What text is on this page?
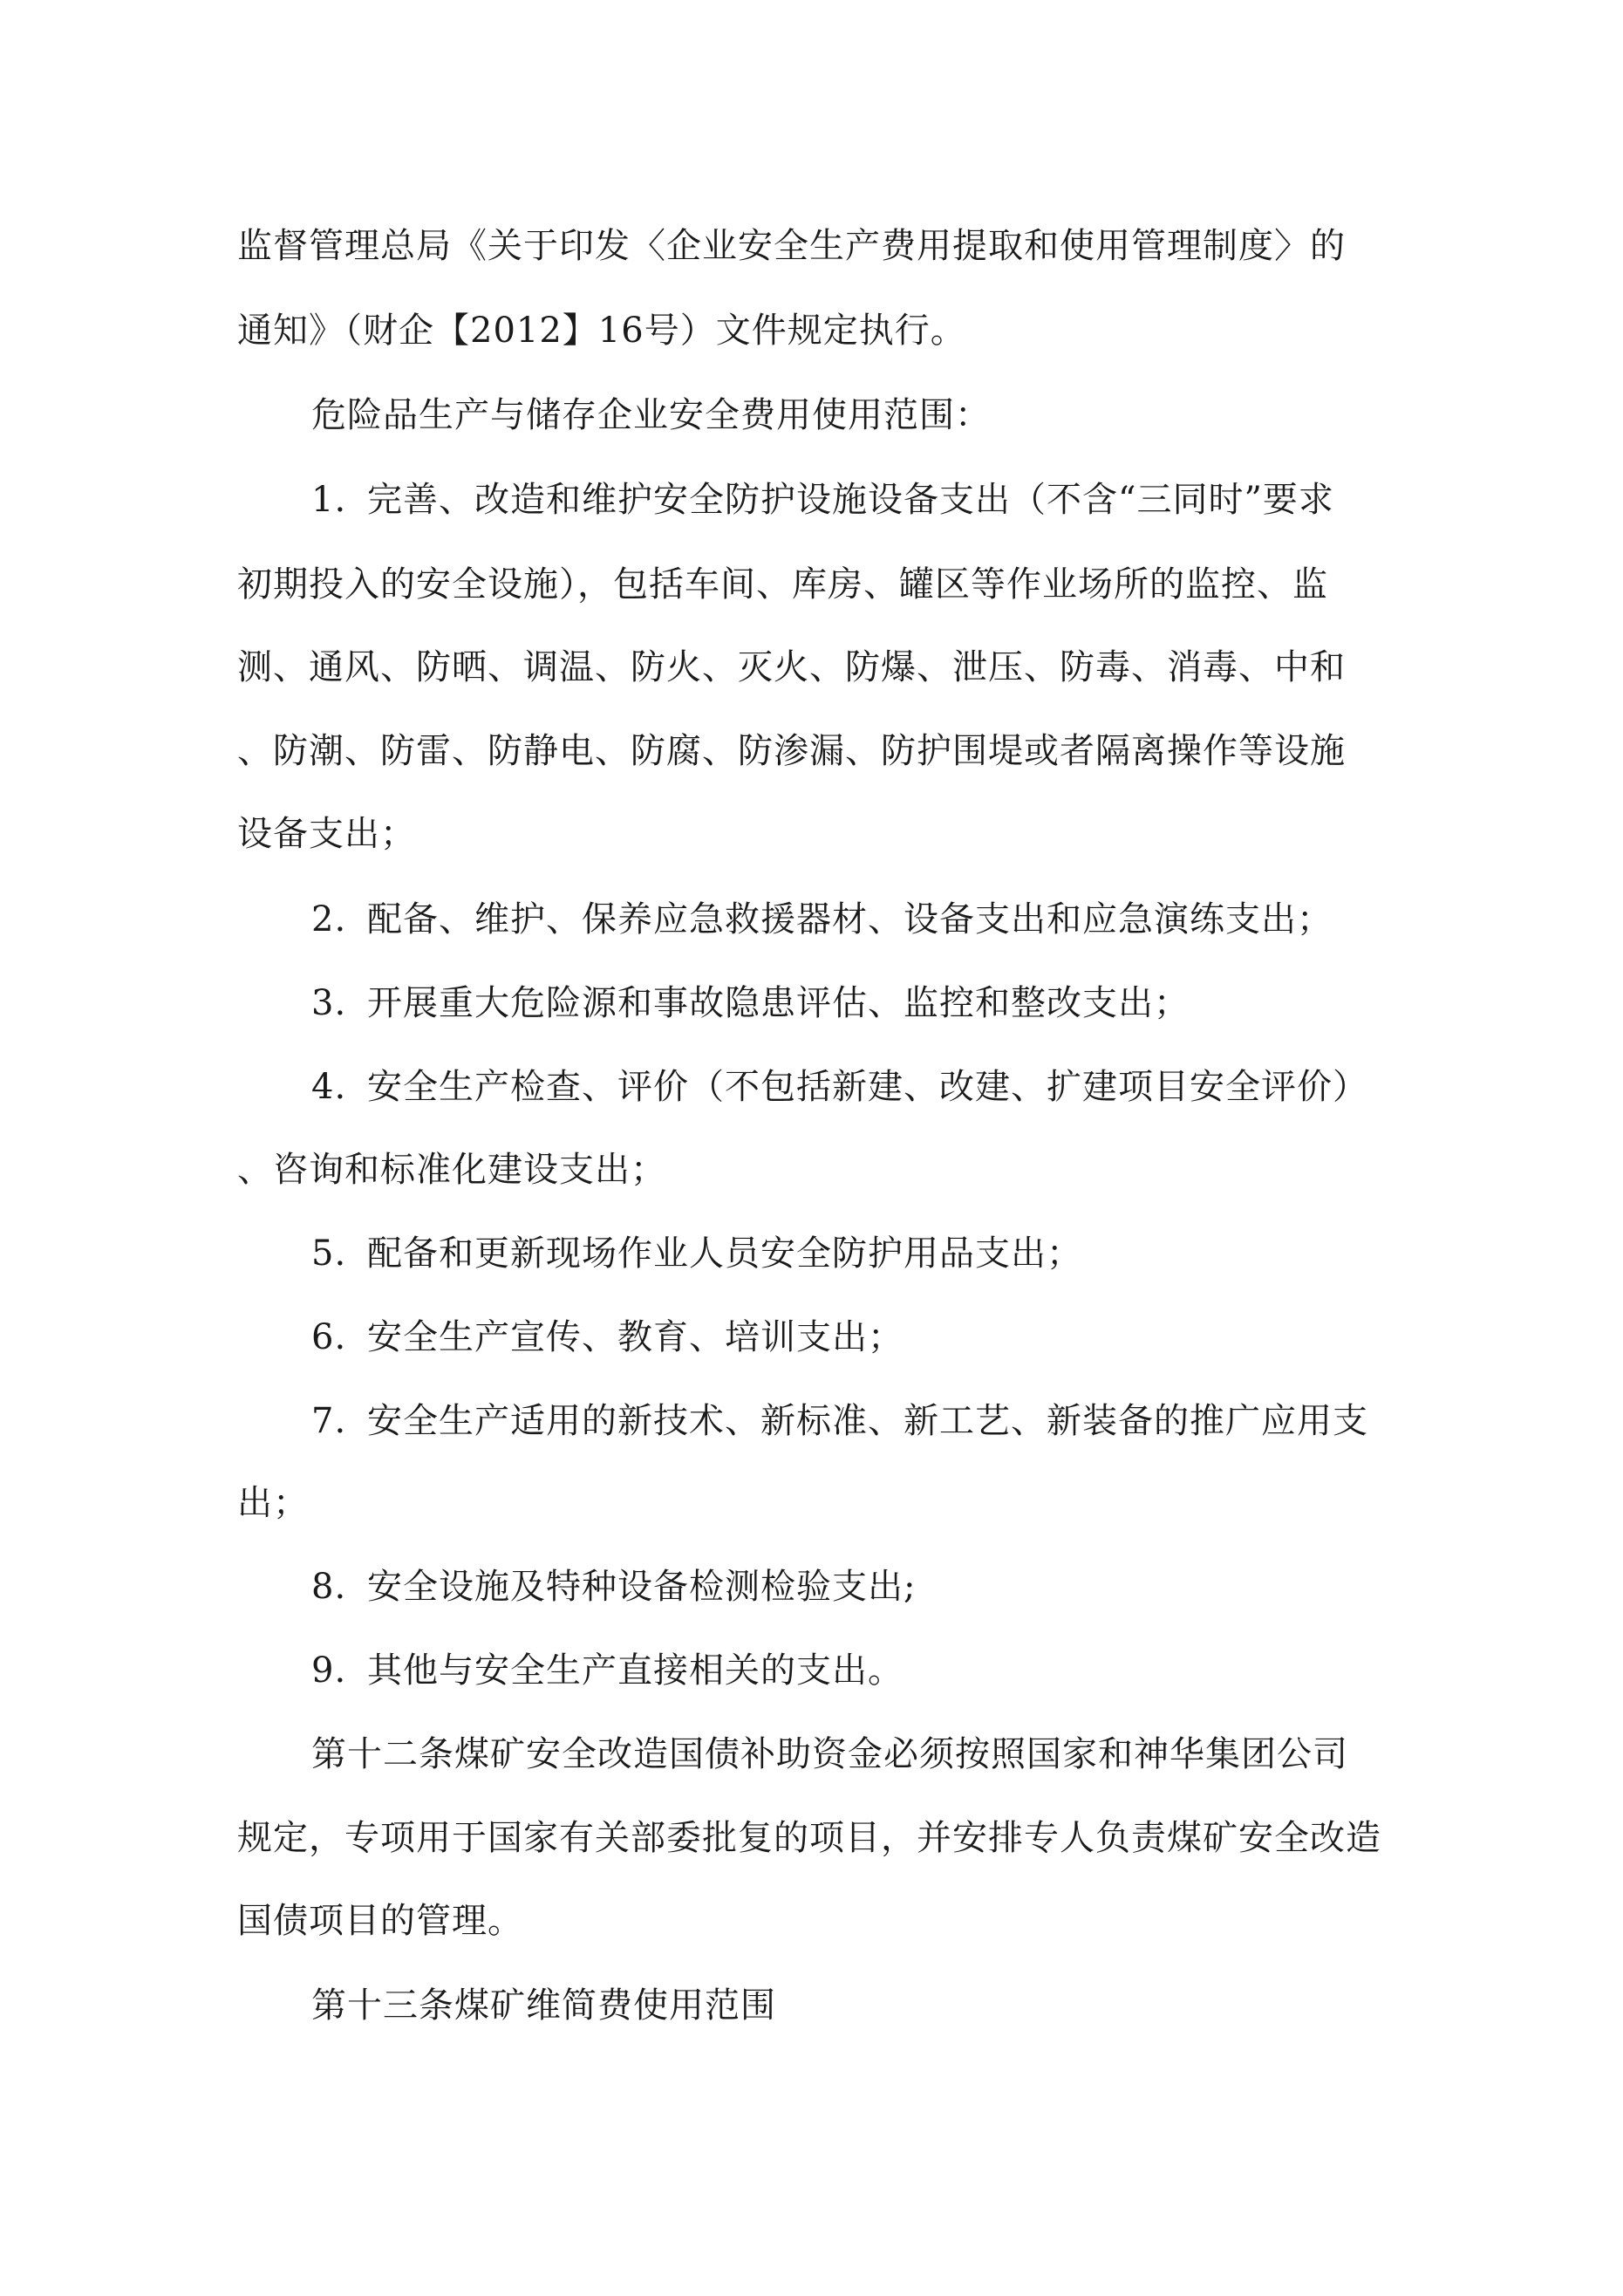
监督管理总局《关于印发〈企业安全生产费用提取和使用管理制度〉的
通知》（财企【2012】16号）文件规定执行。
危险品生产与储存企业安全费用使用范围：
1. 完善、改造和维护安全防护设施设备支出（不含“三同时”要求
初期投入的安全设施），包括车间、库房、罐区等作业场所的监控、监
测、通风、防晒、调温、防火、灭火、防爆、泄压、防毒、消毒、中和
、防潮、防雷、防静电、防腐、防渗漏、防护围堤或者隔离操作等设施
设备支出；
2. 配备、维护、保养应急救援器材、设备支出和应急演练支出；
3. 开展重大危险源和事故隐患评估、监控和整改支出；
4. 安全生产检查、评价（不包括新建、改建、扩建项目安全评价）
、咨询和标准化建设支出；
5. 配备和更新现场作业人员安全防护用品支出；
6. 安全生产宣传、教育、培训支出；
7. 安全生产适用的新技术、新标准、新工艺、新装备的推广应用支
出；
8. 安全设施及特种设备检测检验支出;
9. 其他与安全生产直接相关的支出。
第十二条煤矿安全改造国债补助资金必须按照国家和神华集团公司
规定，专项用于国家有关部委批复的项目，并安排专人负责煤矿安全改造
国债项目的管理。
第十三条煤矿维简费使用范围
